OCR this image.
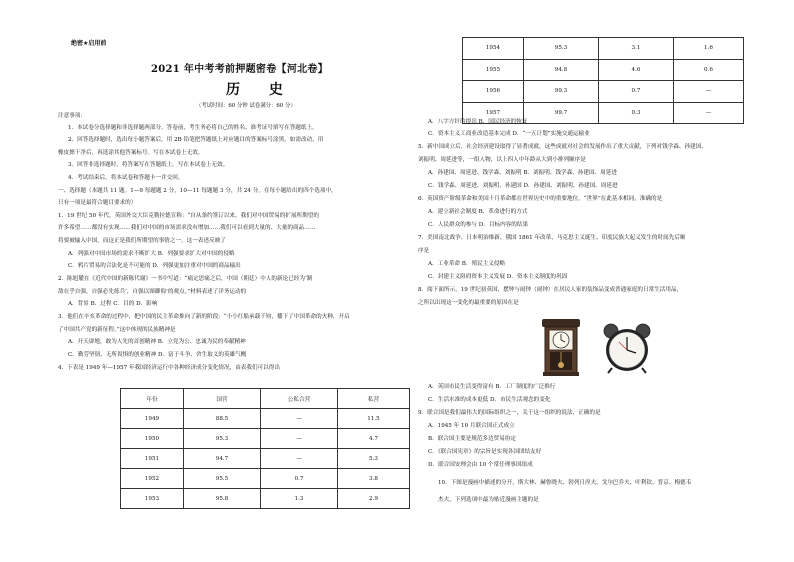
绝密★启用前
2021 年中考考前押题密卷【河北卷】
历 史
（考试时间：60 分钟 试卷满分：60 分）
注意事项：
1．本试卷分选择题和非选择题两部分。答卷前，考生务必将自己的姓名、准考证号填写在答题纸上。
2．回答选择题时，选出每小题答案后，用 2B 铅笔把答题纸上对应题目的答案标号涂黑。如需改动，用
橡皮擦干净后，再选涂其他答案标号。写在本试卷上无效。
3．回答非选择题时，将答案写在答题纸上。写在本试卷上无效。
4．考试结束后，将本试卷和答题卡一并交回。
一、选择题（本题共 11 题。1—9 每题题 2 分，10—11 每题题 3 分，共 24 分。在每小题给出的四个选项中，
只有一项是最符合题目要求的）
1．19 世纪 50 年代，英国外交大臣克勒拉德宣称：“自从条约签订以来，我们对中国贸易的扩展所期望的
许多希望……都没有实现……我们对中国的市场需求没有增加……我们可以看到大量的、大量的商品……
将要被输入中国，而这正是我们所期望的事情之一。这一表述反映了
A．列强对中国市场的需求不断扩大 B．列强要求扩大对中国的侵略
C．鸦片贸易的合法化是不可能的 D．列强更加注重对中国的商品输出
2．陈旭麓在《近代中国的新陈代谢》一书中写道：“痛定思痛之后，中国（朝廷）中人的新论已经为‘制
敌在乎自强，自强必先练兵’，自强以图御侮’的观点。”材料表述了洋务运动的
A．背景 B．过程 C．目的 D．影响
3．他们在辛亥革命的过程中，把中国的民主革命推向了新的阶段：“小小红船承载千钧，播下了中国革命的火种，开启
了中国共产党的新征程。”这中体现的民族精神是
A．开天辟地，敢为人先的首创精神 B．立党为公、忠诚为民的奉献精神
C．勤劳坚韧、无所畏惧的创业精神 D．富于斗争、舍生取义的英雄气概
4．下表是 1949 年—1957 年我国经济运行中各种经济成分变化情况，由表我们可以得出
年份	国营	公私合营	私营
1949	88.5	—	11.5
1950	95.3	—	4.7
1951	94.7	—	5.3
1952	95.5	0.7	3.8
1953	95.8	1.3	2.9
1954	95.3	3.1	1.6
1955	94.8	4.6	0.6
1956	99.3	0.7	—
1957	99.7	0.3	—
A．八字方针的提出 B．国民经济的恢复
C．资本主义工商业改造基本完成 D．“一五计划”实施交通运输业
5．新中国成立后，社会经济建设取得了显著成就，这些成就对社会的发展作出了重大贡献，下列对钱学森、孙建国、
刘振明、周延进等，一组人物，以上四人中年龄从大到小排列顺序是
A．孙建国、周延进、钱学森、刘振明 B．刘振明、钱学森、孙建国、周延进
C．钱学森、周延进、刘振明、孙建国 D．孙建国、刘振明、孙建国、周延进
6．英国资产阶级革命和美国十月革命都在世界历史中的重要地位，“世界”在此基本相同，准确的是
A．建立新社会制度 B．革命进行的方式
C．人民群众的参与 D．目标内容的结果
7．美国南北战争、日本明治维新、俄国 1861 年改革，马克思主义诞生、印度民族大起义发生的时间先后顺
序是
A．工业革命 B．殖民主义侵略
C．封建主义阻碍资本主义发展 D．资本主义制度的巩固
8．阅下面所示，19 世纪初英国，摆钟与闹钟（闹钟）在居民人家的装饰品变成普通家庭的日常生活用品，
之所以出现这一变化的最重要的原因在是
A．英国市民生活变得富有 B．工厂制度的广泛推行
C．生活水准的成本更低 D．市民生活观念的变化
9．联合国是我们最伟大的国际组织之一，关于这一组织的说法，正确的是
A．1945 年 10 月联合国正式成立
B．联合国主要是规范多边贸易协定
C．《联合国宪章》的宗旨是实现各国团结友好
D．联合国安理会由 10 个常任理事国组成
10．下图是漫画中描述的分开，斯大林、赫鲁晓夫、勃列日涅夫、戈尔巴乔夫、叶利钦、普京、梅德韦
杰夫，下列选项中最为贴近漫画主题的是
